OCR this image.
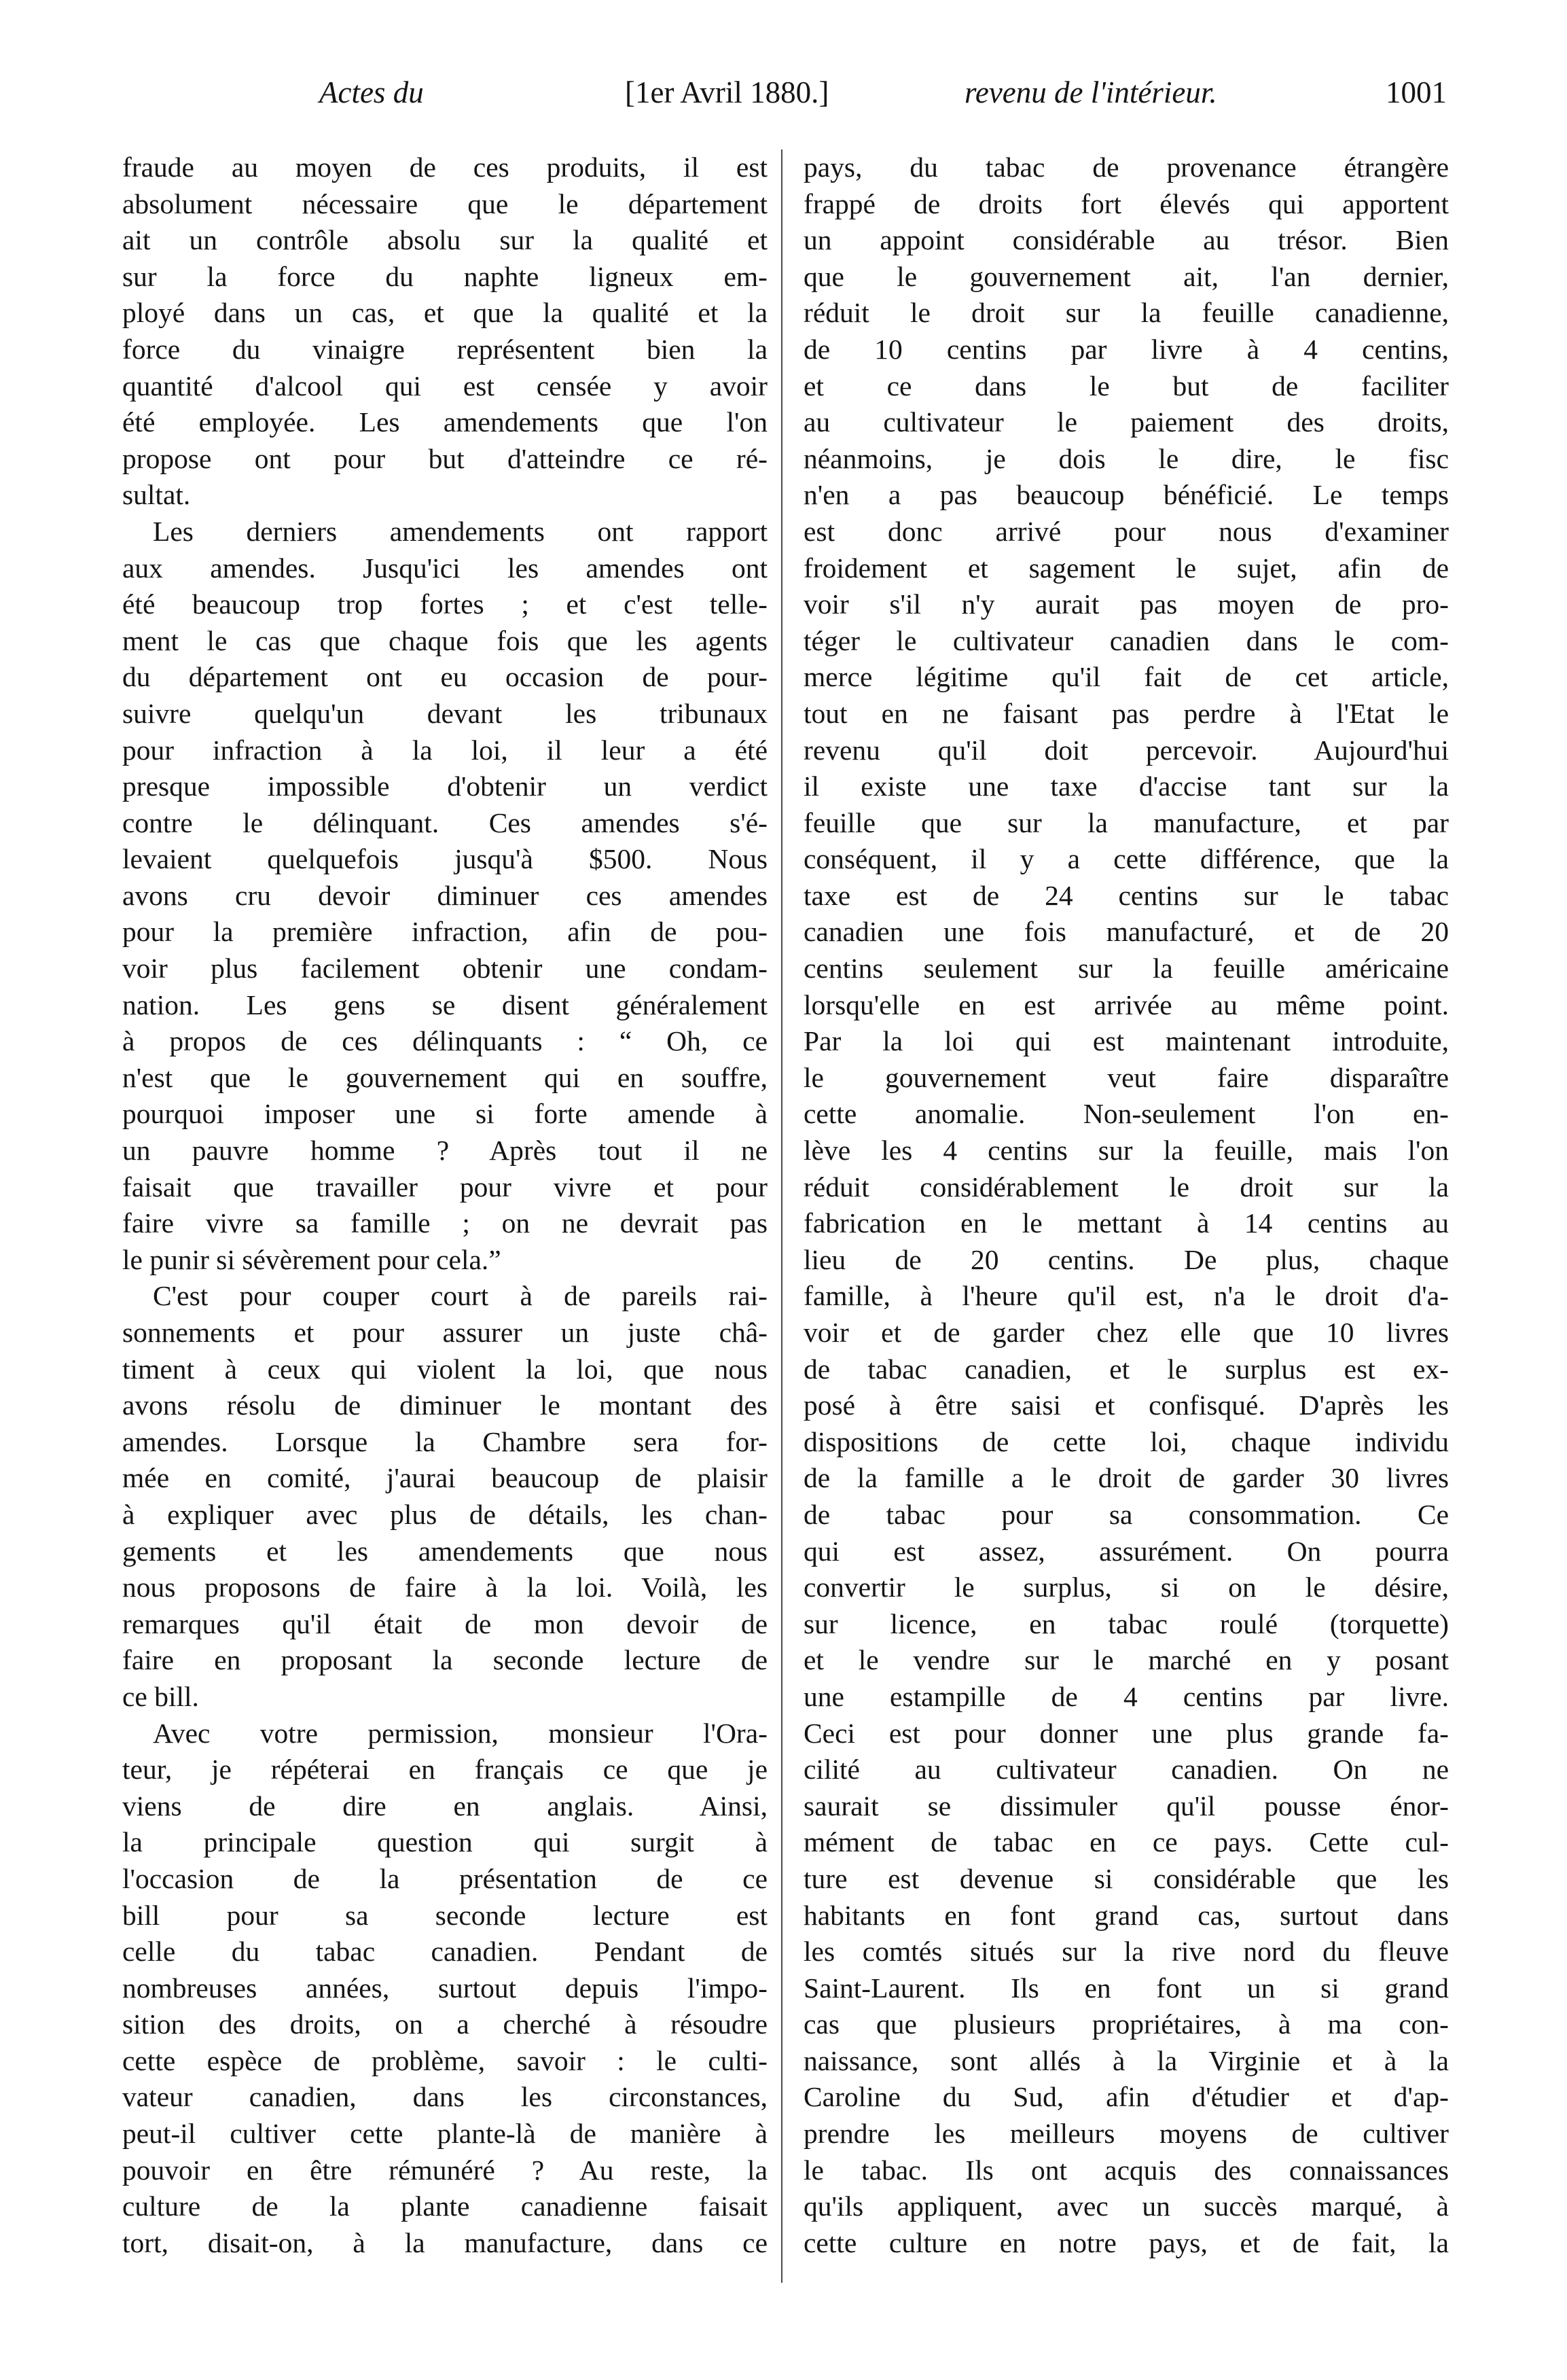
Actes du	[1er Avril 1880.]	revenu de l'intérieur.	1001
fraude au moyen de ces produits, il est
absolument nécessaire que le département
ait un contrôle absolu sur la qualité et
sur la force du naphte ligneux em-
ployé dans un cas, et que la qualité et la
force du vinaigre représentent bien la
quantité d'alcool qui est censée y avoir
été employée. Les amendements que l'on
propose ont pour but d'atteindre ce ré-
sultat.
Les derniers amendements ont rapport
aux amendes. Jusqu'ici les amendes ont
été beaucoup trop fortes ; et c'est telle-
ment le cas que chaque fois que les agents
du département ont eu occasion de pour-
suivre quelqu'un devant les tribunaux
pour infraction à la loi, il leur a été
presque impossible d'obtenir un verdict
contre le délinquant. Ces amendes s'é-
levaient quelquefois jusqu'à $500. Nous
avons cru devoir diminuer ces amendes
pour la première infraction, afin de pou-
voir plus facilement obtenir une condam-
nation. Les gens se disent généralement
à propos de ces délinquants : “ Oh, ce
n'est que le gouvernement qui en souffre,
pourquoi imposer une si forte amende à
un pauvre homme ? Après tout il ne
faisait que travailler pour vivre et pour
faire vivre sa famille ; on ne devrait pas
le punir si sévèrement pour cela.”
C'est pour couper court à de pareils rai-
sonnements et pour assurer un juste châ-
timent à ceux qui violent la loi, que nous
avons résolu de diminuer le montant des
amendes. Lorsque la Chambre sera for-
mée en comité, j'aurai beaucoup de plaisir
à expliquer avec plus de détails, les chan-
gements et les amendements que nous
nous proposons de faire à la loi. Voilà, les
remarques qu'il était de mon devoir de
faire en proposant la seconde lecture de
ce bill.
Avec votre permission, monsieur l'Ora-
teur, je répéterai en français ce que je
viens de dire en anglais. Ainsi,
la principale question qui surgit à
l'occasion de la présentation de ce
bill pour sa seconde lecture est
celle du tabac canadien. Pendant de
nombreuses années, surtout depuis l'impo-
sition des droits, on a cherché à résoudre
cette espèce de problème, savoir : le culti-
vateur canadien, dans les circonstances,
peut-il cultiver cette plante-là de manière à
pouvoir en être rémunéré ? Au reste, la
culture de la plante canadienne faisait
tort, disait-on, à la manufacture, dans ce
pays, du tabac de provenance étrangère
frappé de droits fort élevés qui apportent
un appoint considérable au trésor. Bien
que le gouvernement ait, l'an dernier,
réduit le droit sur la feuille canadienne,
de 10 centins par livre à 4 centins,
et ce dans le but de faciliter
au cultivateur le paiement des droits,
néanmoins, je dois le dire, le fisc
n'en a pas beaucoup bénéficié. Le temps
est donc arrivé pour nous d'examiner
froidement et sagement le sujet, afin de
voir s'il n'y aurait pas moyen de pro-
téger le cultivateur canadien dans le com-
merce légitime qu'il fait de cet article,
tout en ne faisant pas perdre à l'Etat le
revenu qu'il doit percevoir. Aujourd'hui
il existe une taxe d'accise tant sur la
feuille que sur la manufacture, et par
conséquent, il y a cette différence, que la
taxe est de 24 centins sur le tabac
canadien une fois manufacturé, et de 20
centins seulement sur la feuille américaine
lorsqu'elle en est arrivée au même point.
Par la loi qui est maintenant introduite,
le gouvernement veut faire disparaître
cette anomalie. Non-seulement l'on en-
lève les 4 centins sur la feuille, mais l'on
réduit considérablement le droit sur la
fabrication en le mettant à 14 centins au
lieu de 20 centins. De plus, chaque
famille, à l'heure qu'il est, n'a le droit d'a-
voir et de garder chez elle que 10 livres
de tabac canadien, et le surplus est ex-
posé à être saisi et confisqué. D'après les
dispositions de cette loi, chaque individu
de la famille a le droit de garder 30 livres
de tabac pour sa consommation. Ce
qui est assez, assurément. On pourra
convertir le surplus, si on le désire,
sur licence, en tabac roulé (torquette)
et le vendre sur le marché en y posant
une estampille de 4 centins par livre.
Ceci est pour donner une plus grande fa-
cilité au cultivateur canadien. On ne
saurait se dissimuler qu'il pousse énor-
mément de tabac en ce pays. Cette cul-
ture est devenue si considérable que les
habitants en font grand cas, surtout dans
les comtés situés sur la rive nord du fleuve
Saint-Laurent. Ils en font un si grand
cas que plusieurs propriétaires, à ma con-
naissance, sont allés à la Virginie et à la
Caroline du Sud, afin d'étudier et d'ap-
prendre les meilleurs moyens de cultiver
le tabac. Ils ont acquis des connaissances
qu'ils appliquent, avec un succès marqué, à
cette culture en notre pays, et de fait, la
